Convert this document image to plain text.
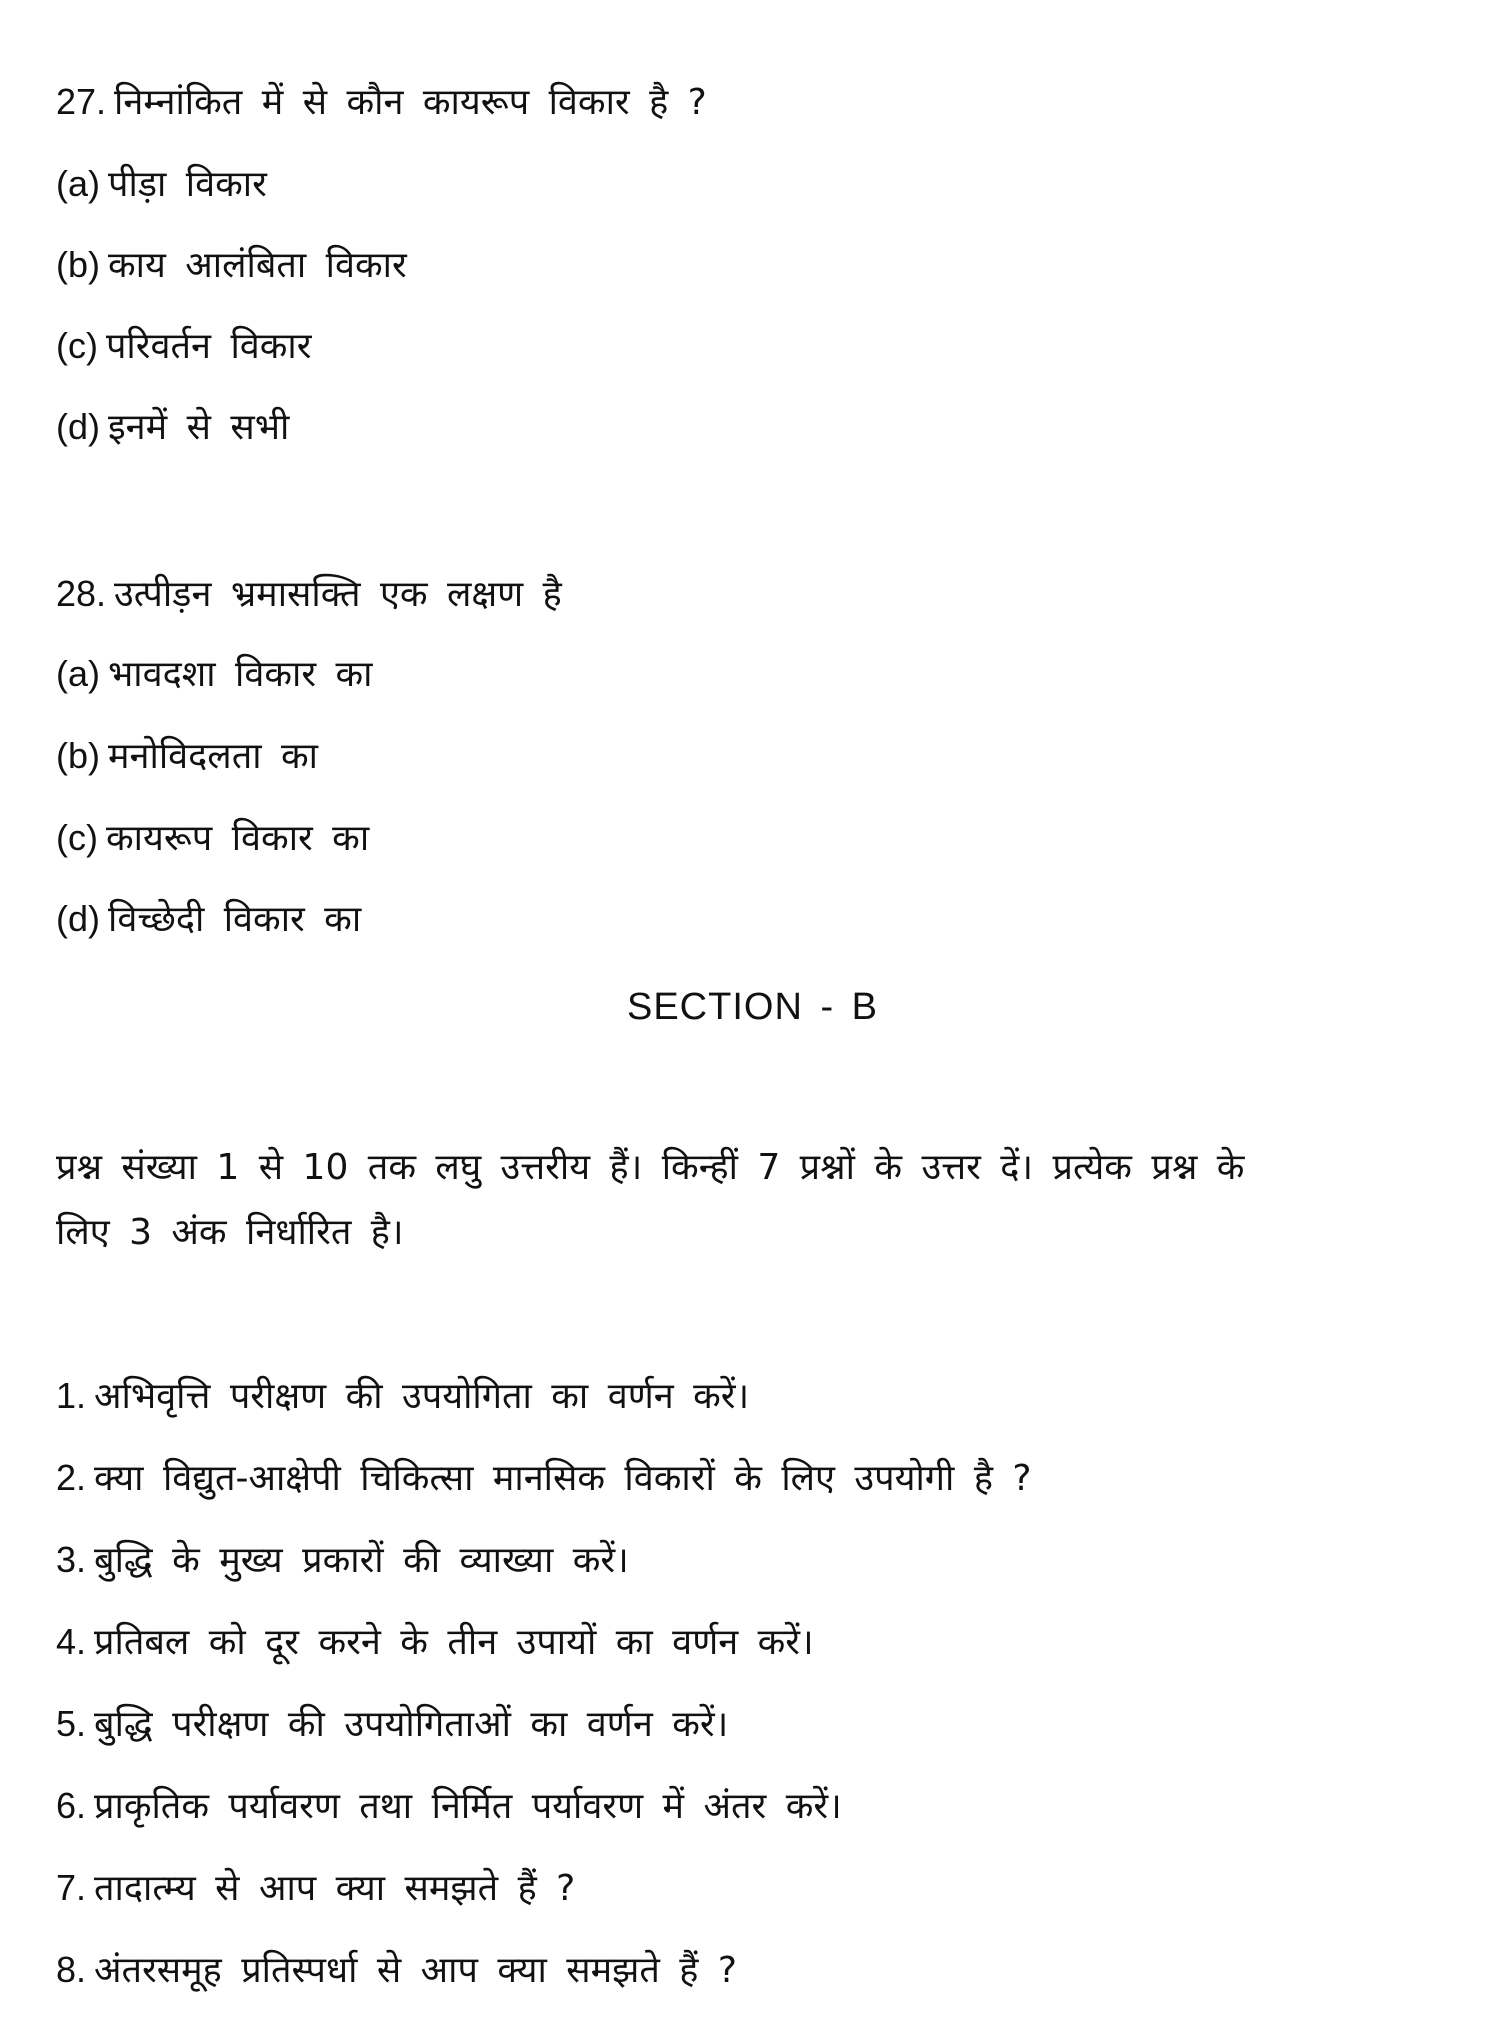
27. निम्नांकित में से कौन कायरूप विकार है ?
(a) पीड़ा विकार
(b) काय आलंबिता विकार
(c) परिवर्तन विकार
(d) इनमें से सभी
28. उत्पीड़न भ्रमासक्ति एक लक्षण है
(a) भावदशा विकार का
(b) मनोविदलता का
(c) कायरूप विकार का
(d) विच्छेदी विकार का
SECTION - B
प्रश्न संख्या 1 से 10 तक लघु उत्तरीय हैं। किन्हीं 7 प्रश्नों के उत्तर दें। प्रत्येक प्रश्न के
लिए 3 अंक निर्धारित है।
1. अभिवृत्ति परीक्षण की उपयोगिता का वर्णन करें।
2. क्या विद्युत-आक्षेपी चिकित्सा मानसिक विकारों के लिए उपयोगी है ?
3. बुद्धि के मुख्य प्रकारों की व्याख्या करें।
4. प्रतिबल को दूर करने के तीन उपायों का वर्णन करें।
5. बुद्धि परीक्षण की उपयोगिताओं का वर्णन करें।
6. प्राकृतिक पर्यावरण तथा निर्मित पर्यावरण में अंतर करें।
7. तादात्म्य से आप क्या समझते हैं ?
8. अंतरसमूह प्रतिस्पर्धा से आप क्या समझते हैं ?
